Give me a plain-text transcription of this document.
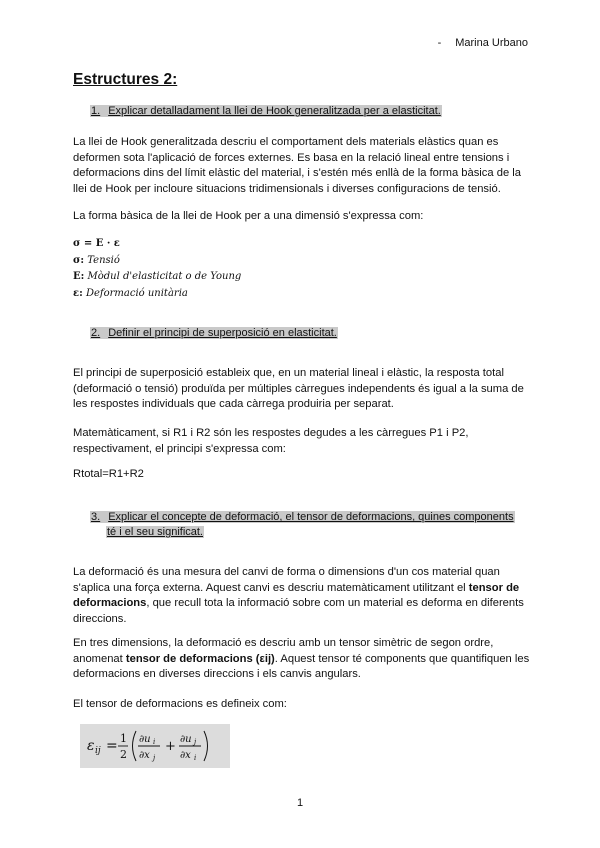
- Marina Urbano
Estructures 2:
1. Explicar detalladament la llei de Hook generalitzada per a elasticitat.
La llei de Hook generalitzada descriu el comportament dels materials elàstics quan es deformen sota l'aplicació de forces externes. Es basa en la relació lineal entre tensions i deformacions dins del límit elàstic del material, i s'estén més enllà de la forma bàsica de la llei de Hook per incloure situacions tridimensionals i diverses configuracions de tensió.
La forma bàsica de la llei de Hook per a una dimensió s'expressa com:
σ = E · ε
σ: Tensió
E: Mòdul d'elasticitat o de Young
ε: Deformació unitària
2. Definir el principi de superposició en elasticitat.
El principi de superposició estableix que, en un material lineal i elàstic, la resposta total (deformació o tensió) produïda per múltiples càrregues independents és igual a la suma de les respostes individuals que cada càrrega produiria per separat.
Matemàticament, si R1 i R2 són les respostes degudes a les càrregues P1 i P2, respectivament, el principi s'expressa com:
Rtotal=R1+R2
3. Explicar el concepte de deformació, el tensor de deformacions, quines components
té i el seu significat.
La deformació és una mesura del canvi de forma o dimensions d'un cos material quan s'aplica una força externa. Aquest canvi es descriu matemàticament utilitzant el tensor de deformacions, que recull tota la informació sobre com un material es deforma en diferents direccions.
En tres dimensions, la deformació es descriu amb un tensor simètric de segon ordre, anomenat tensor de deformacions (εij). Aquest tensor té components que quantifiquen les deformacions en diverses direccions i els canvis angulars.
El tensor de deformacions es defineix com:
ε ij = 1
2
∂u i
∂x j
+ ∂u j
∂x i
1
